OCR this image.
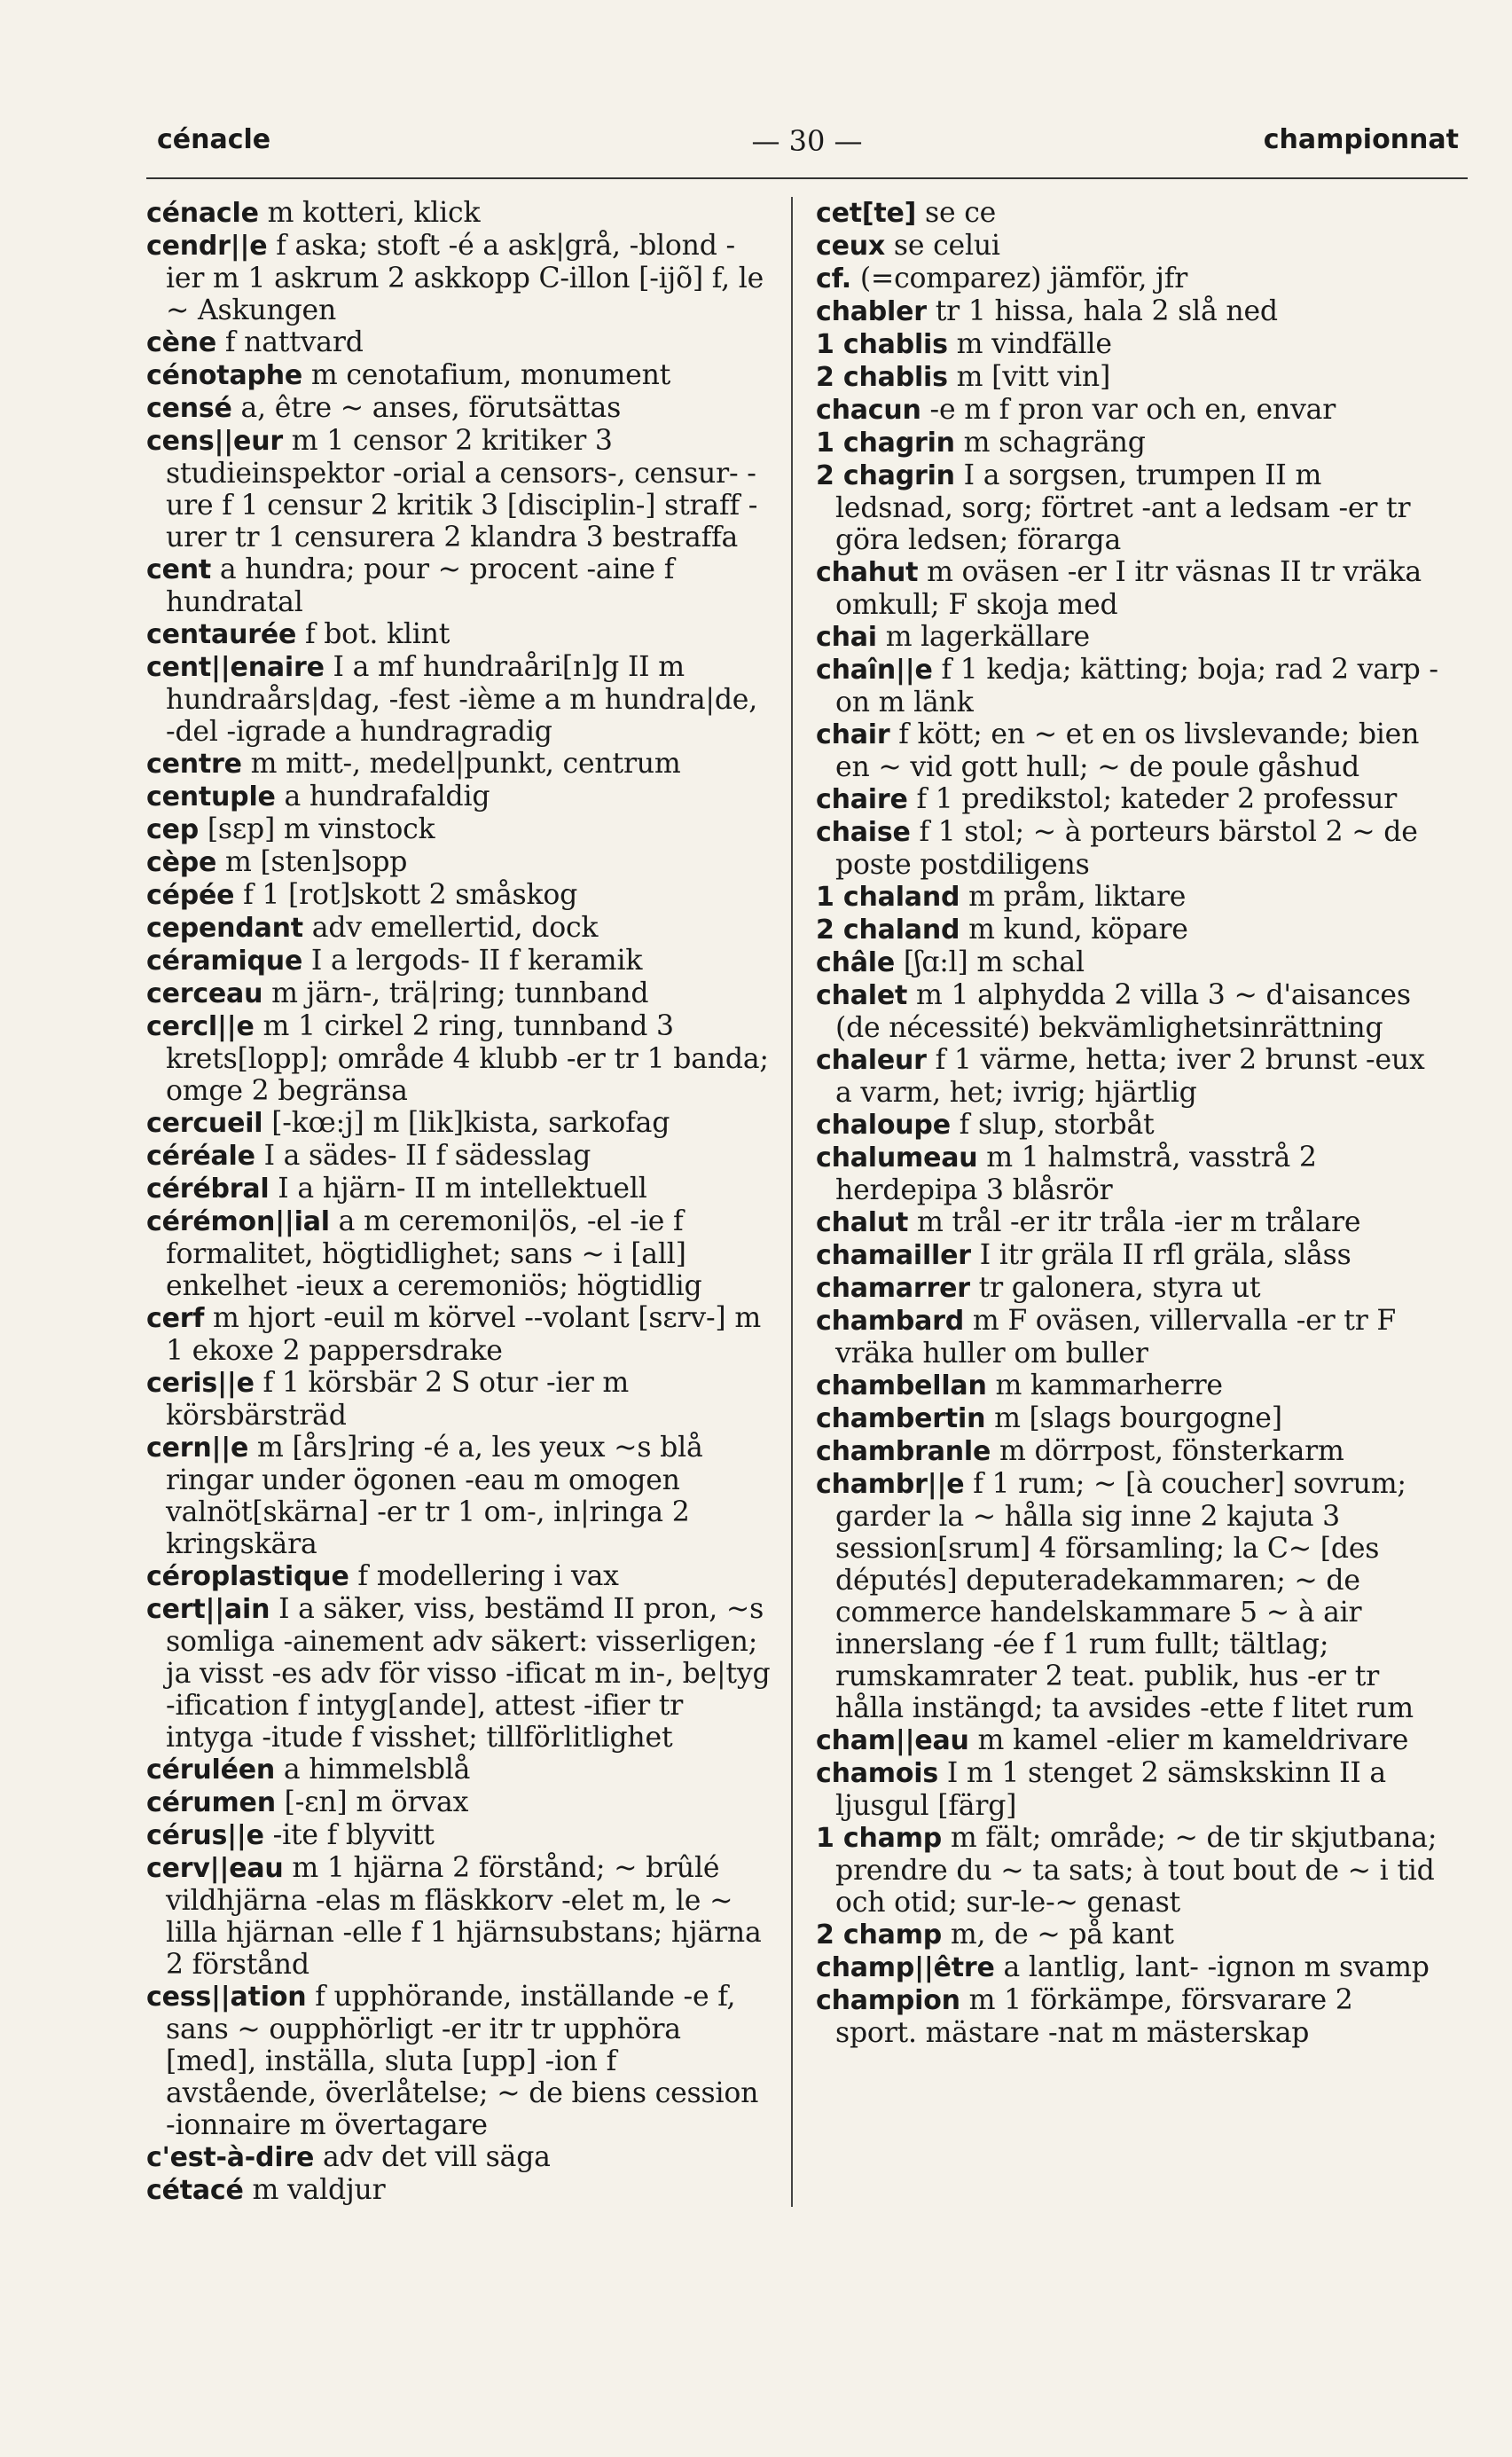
cénacle	— 30 —	championnat
cénacle m kotteri, klick
cendr||e f aska; stoft -é a ask|grå, -blond -ier m 1 askrum 2 askkopp C-illon [-ijõ] f, le ~ Askungen
cène f nattvard
cénotaphe m cenotafium, monument
censé a, être ~ anses, förutsättas
cens||eur m 1 censor 2 kritiker 3 studieinspektor -orial a censors-, censur- -ure f 1 censur 2 kritik 3 [disciplin-] straff -urer tr 1 censurera 2 klandra 3 bestraffa
cent a hundra; pour ~ procent -aine f hundratal
centaurée f bot. klint
cent||enaire I a mf hundraåri[n]g II m hundraårs|dag, -fest -ième a m hundra|de, -del -igrade a hundragradig
centre m mitt-, medel|punkt, centrum
centuple a hundrafaldig
cep [sɛp] m vinstock
cèpe m [sten]sopp
cépée f 1 [rot]skott 2 småskog
cependant adv emellertid, dock
céramique I a lergods- II f keramik
cerceau m järn-, trä|ring; tunnband
cercl||e m 1 cirkel 2 ring, tunnband 3 krets[lopp]; område 4 klubb -er tr 1 banda; omge 2 begränsa
cercueil [-kœ:j] m [lik]kista, sarkofag
céréale I a sädes- II f sädesslag
cérébral I a hjärn- II m intellektuell
cérémon||ial a m ceremoni|ös, -el -ie f formalitet, högtidlighet; sans ~ i [all] enkelhet -ieux a ceremoniös; högtidlig
cerf m hjort -euil m körvel --volant [sɛrv-] m 1 ekoxe 2 pappersdrake
ceris||e f 1 körsbär 2 S otur -ier m körsbärsträd
cern||e m [års]ring -é a, les yeux ~s blå ringar under ögonen -eau m omogen valnöt[skärna] -er tr 1 om-, in|ringa 2 kringskära
céroplastique f modellering i vax
cert||ain I a säker, viss, bestämd II pron, ~s somliga -ainement adv säkert: visserligen; ja visst -es adv för visso -ificat m in-, be|tyg -ification f intyg[ande], attest -ifier tr intyga -itude f visshet; tillförlitlighet
céruléen a himmelsblå
cérumen [-ɛn] m örvax
cérus||e -ite f blyvitt
cerv||eau m 1 hjärna 2 förstånd; ~ brûlé vildhjärna -elas m fläskkorv -elet m, le ~ lilla hjärnan -elle f 1 hjärnsubstans; hjärna 2 förstånd
cess||ation f upphörande, inställande -e f, sans ~ oupphörligt -er itr tr upphöra [med], inställa, sluta [upp] -ion f avstående, överlåtelse; ~ de biens cession -ionnaire m övertagare
c'est-à-dire adv det vill säga
cétacé m valdjur
cet[te] se ce
ceux se celui
cf. (=comparez) jämför, jfr
chabler tr 1 hissa, hala 2 slå ned
1 chablis m vindfälle
2 chablis m [vitt vin]
chacun -e m f pron var och en, envar
1 chagrin m schagräng
2 chagrin I a sorgsen, trumpen II m ledsnad, sorg; förtret -ant a ledsam -er tr göra ledsen; förarga
chahut m oväsen -er I itr väsnas II tr vräka omkull; F skoja med
chai m lagerkällare
chaîn||e f 1 kedja; kätting; boja; rad 2 varp -on m länk
chair f kött; en ~ et en os livslevande; bien en ~ vid gott hull; ~ de poule gåshud
chaire f 1 predikstol; kateder 2 professur
chaise f 1 stol; ~ à porteurs bärstol 2 ~ de poste postdiligens
1 chaland m pråm, liktare
2 chaland m kund, köpare
châle [ʃɑ:l] m schal
chalet m 1 alphydda 2 villa 3 ~ d'aisances (de nécessité) bekvämlighetsinrättning
chaleur f 1 värme, hetta; iver 2 brunst -eux a varm, het; ivrig; hjärtlig
chaloupe f slup, storbåt
chalumeau m 1 halmstrå, vasstrå 2 herdepipa 3 blåsrör
chalut m trål -er itr tråla -ier m trålare
chamailler I itr gräla II rfl gräla, slåss
chamarrer tr galonera, styra ut
chambard m F oväsen, villervalla -er tr F vräka huller om buller
chambellan m kammarherre
chambertin m [slags bourgogne]
chambranle m dörrpost, fönsterkarm
chambr||e f 1 rum; ~ [à coucher] sovrum; garder la ~ hålla sig inne 2 kajuta 3 session[srum] 4 församling; la C~ [des députés] deputeradekammaren; ~ de commerce handelskammare 5 ~ à air innerslang -ée f 1 rum fullt; tältlag; rumskamrater 2 teat. publik, hus -er tr hålla instängd; ta avsides -ette f litet rum
cham||eau m kamel -elier m kameldrivare
chamois I m 1 stenget 2 sämskskinn II a ljusgul [färg]
1 champ m fält; område; ~ de tir skjutbana; prendre du ~ ta sats; à tout bout de ~ i tid och otid; sur-le-~ genast
2 champ m, de ~ på kant
champ||être a lantlig, lant- -ignon m svamp
champion m 1 förkämpe, försvarare 2 sport. mästare -nat m mästerskap
